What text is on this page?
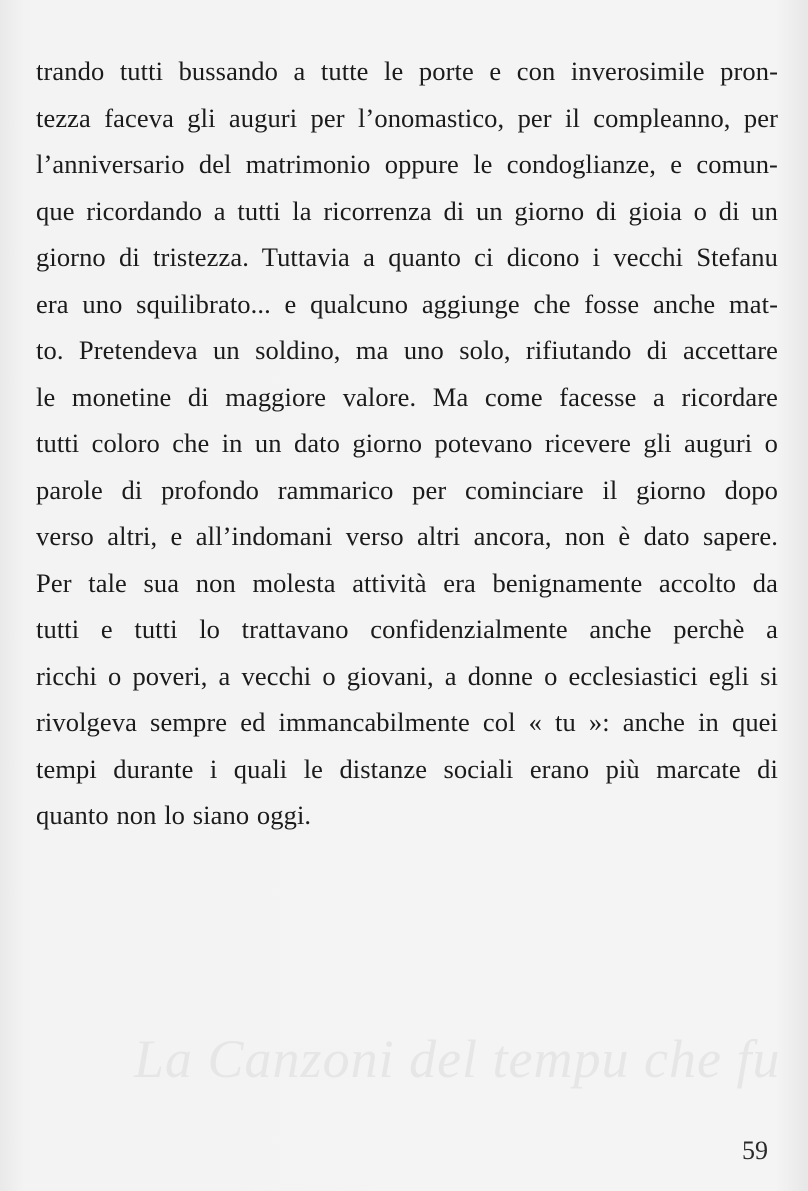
trando tutti bussando a tutte le porte e con inverosimile pron-
tezza faceva gli auguri per l’onomastico, per il compleanno, per
l’anniversario del matrimonio oppure le condoglianze, e comun-
que ricordando a tutti la ricorrenza di un giorno di gioia o di un
giorno di tristezza. Tuttavia a quanto ci dicono i vecchi Stefanu
era uno squilibrato... e qualcuno aggiunge che fosse anche mat-
to. Pretendeva un soldino, ma uno solo, rifiutando di accettare
le monetine di maggiore valore. Ma come facesse a ricordare
tutti coloro che in un dato giorno potevano ricevere gli auguri o
parole di profondo rammarico per cominciare il giorno dopo
verso altri, e all’indomani verso altri ancora, non è dato sapere.
Per tale sua non molesta attività era benignamente accolto da
tutti e tutti lo trattavano confidenzialmente anche perchè a
ricchi o poveri, a vecchi o giovani, a donne o ecclesiastici egli si
rivolgeva sempre ed immancabilmente col « tu »: anche in quei
tempi durante i quali le distanze sociali erano più marcate di
quanto non lo siano oggi.
La Canzoni del tempu che fu
59
